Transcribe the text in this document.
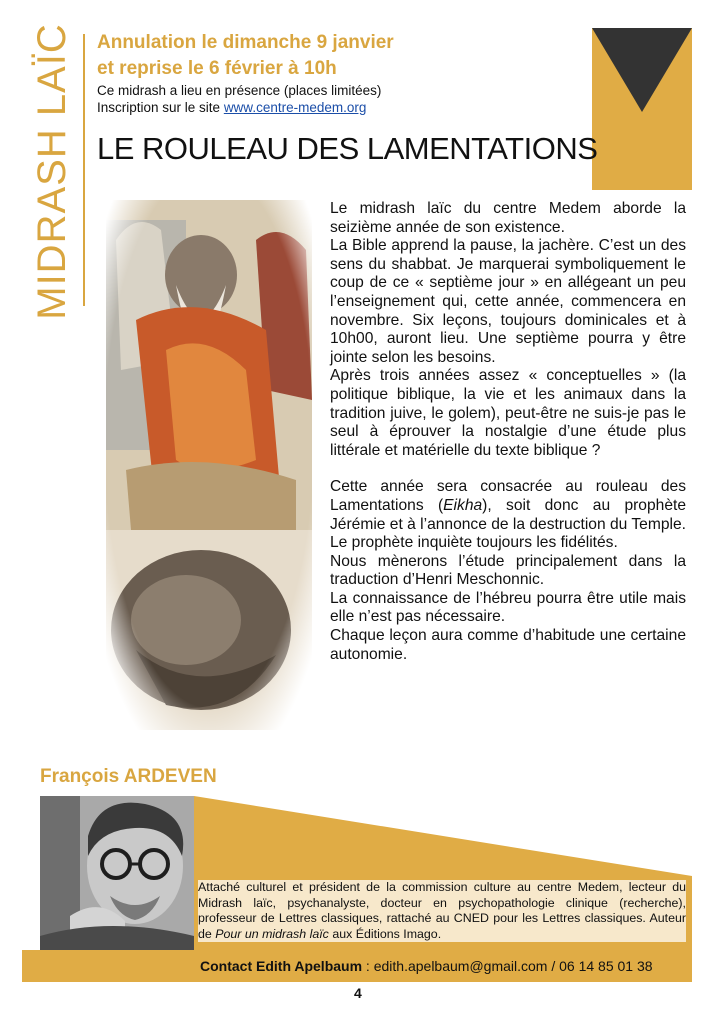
MIDRASH LAÏC Annulation le dimanche 9 janvier

et reprise le 6 février à 10h

Ce midrash a lieu en présence (places limitées)

Inscription sur le site www.centre-medem.org

LE ROULEAU DES LAMENTATIONS

Le midrash laïc du centre Medem aborde la seizième année de son existence.

La Bible apprend la pause, la jachère. C’est un des sens du shabbat. Je marquerai symboliquement le coup de ce « septième jour » en allégeant un peu l’enseignement qui, cette année, commencera en novembre. Six leçons, toujours dominicales et à 10h00, auront lieu. Une septième pourra y être jointe selon les besoins.

Après trois années assez « conceptuelles » (la politique biblique, la vie et les animaux dans la tradition juive, le golem), peut-être ne suis-je pas le seul à éprouver la nostalgie d’une étude plus littérale et matérielle du texte biblique ?

Cette année sera consacrée au rouleau des Lamentations (Eikha), soit donc au prophète Jérémie et à l’annonce de la destruction du Temple.

Le prophète inquiète toujours les fidélités.

Nous mènerons l’étude principalement dans la traduction d’Henri Meschonnic.

La connaissance de l’hébreu pourra être utile mais elle n’est pas nécessaire.

Chaque leçon aura comme d’habitude une certaine autonomie.

François ARDEVEN

Attaché culturel et président de la commission culture au centre Medem, lecteur du Midrash laïc, psychanalyste, docteur en psychopathologie clinique (recherche), professeur de Lettres classiques, rattaché au CNED pour les Lettres classiques. Auteur de Pour un midrash laïc aux Éditions Imago.

Contact Edith Apelbaum : edith.apelbaum@gmail.com / 06 14 85 01 38
4
